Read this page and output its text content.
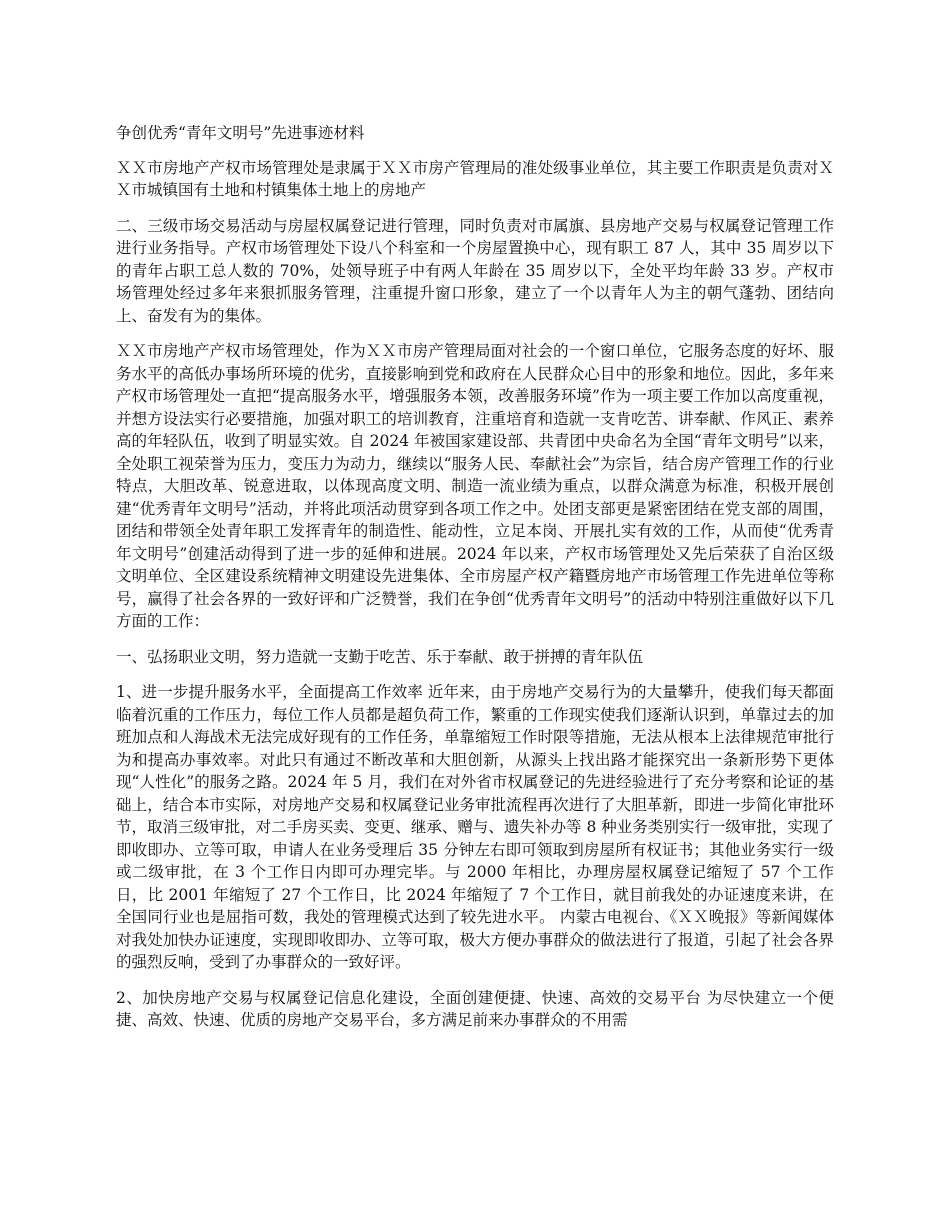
争创优秀“青年文明号”先进事迹材料

ＸＸ市房地产产权市场管理处是隶属于ＸＸ市房产管理局的准处级事业单位，其主要工作职责是负责对ＸＸ市城镇国有土地和村镇集体土地上的房地产

二、三级市场交易活动与房屋权属登记进行管理，同时负责对市属旗、县房地产交易与权属登记管理工作进行业务指导。产权市场管理处下设八个科室和一个房屋置换中心，现有职工 87 人，其中 35 周岁以下的青年占职工总人数的 70%，处领导班子中有两人年龄在 35 周岁以下，全处平均年龄 33 岁。产权市场管理处经过多年来狠抓服务管理，注重提升窗口形象，建立了一个以青年人为主的朝气蓬勃、团结向上、奋发有为的集体。

ＸＸ市房地产产权市场管理处，作为ＸＸ市房产管理局面对社会的一个窗口单位，它服务态度的好坏、服务水平的高低办事场所环境的优劣，直接影响到党和政府在人民群众心目中的形象和地位。因此，多年来产权市场管理处一直把“提高服务水平，增强服务本领，改善服务环境”作为一项主要工作加以高度重视，并想方设法实行必要措施，加强对职工的培训教育，注重培育和造就一支肯吃苦、讲奉献、作风正、素养高的年轻队伍，收到了明显实效。自 2024 年被国家建设部、共青团中央命名为全国“青年文明号”以来，全处职工视荣誉为压力，变压力为动力，继续以“服务人民、奉献社会”为宗旨，结合房产管理工作的行业特点，大胆改革、锐意进取，以体现高度文明、制造一流业绩为重点，以群众满意为标准，积极开展创建“优秀青年文明号”活动，并将此项活动贯穿到各项工作之中。处团支部更是紧密团结在党支部的周围，团结和带领全处青年职工发挥青年的制造性、能动性，立足本岗、开展扎实有效的工作，从而使“优秀青年文明号”创建活动得到了进一步的延伸和进展。2024 年以来，产权市场管理处又先后荣获了自治区级文明单位、全区建设系统精神文明建设先进集体、全市房屋产权产籍暨房地产市场管理工作先进单位等称号，赢得了社会各界的一致好评和广泛赞誉，我们在争创“优秀青年文明号”的活动中特别注重做好以下几方面的工作：

一、弘扬职业文明，努力造就一支勤于吃苦、乐于奉献、敢于拼搏的青年队伍

1、进一步提升服务水平，全面提高工作效率 近年来，由于房地产交易行为的大量攀升，使我们每天都面临着沉重的工作压力，每位工作人员都是超负荷工作，繁重的工作现实使我们逐渐认识到，单靠过去的加班加点和人海战术无法完成好现有的工作任务，单靠缩短工作时限等措施，无法从根本上法律规范审批行为和提高办事效率。对此只有通过不断改革和大胆创新，从源头上找出路才能探究出一条新形势下更体现“人性化”的服务之路。2024 年 5 月，我们在对外省市权属登记的先进经验进行了充分考察和论证的基础上，结合本市实际，对房地产交易和权属登记业务审批流程再次进行了大胆革新，即进一步简化审批环节，取消三级审批，对二手房买卖、变更、继承、赠与、遗失补办等 8 种业务类别实行一级审批，实现了即收即办、立等可取，申请人在业务受理后 35 分钟左右即可领取到房屋所有权证书；其他业务实行一级或二级审批，在 3 个工作日内即可办理完毕。与 2000 年相比，办理房屋权属登记缩短了 57 个工作日，比 2001 年缩短了 27 个工作日，比 2024 年缩短了 7 个工作日，就目前我处的办证速度来讲，在全国同行业也是屈指可数，我处的管理模式达到了较先进水平。 内蒙古电视台、《ＸＸ晚报》等新闻媒体对我处加快办证速度，实现即收即办、立等可取，极大方便办事群众的做法进行了报道，引起了社会各界的强烈反响，受到了办事群众的一致好评。

2、加快房地产交易与权属登记信息化建设，全面创建便捷、快速、高效的交易平台 为尽快建立一个便捷、高效、快速、优质的房地产交易平台，多方满足前来办事群众的不用需
